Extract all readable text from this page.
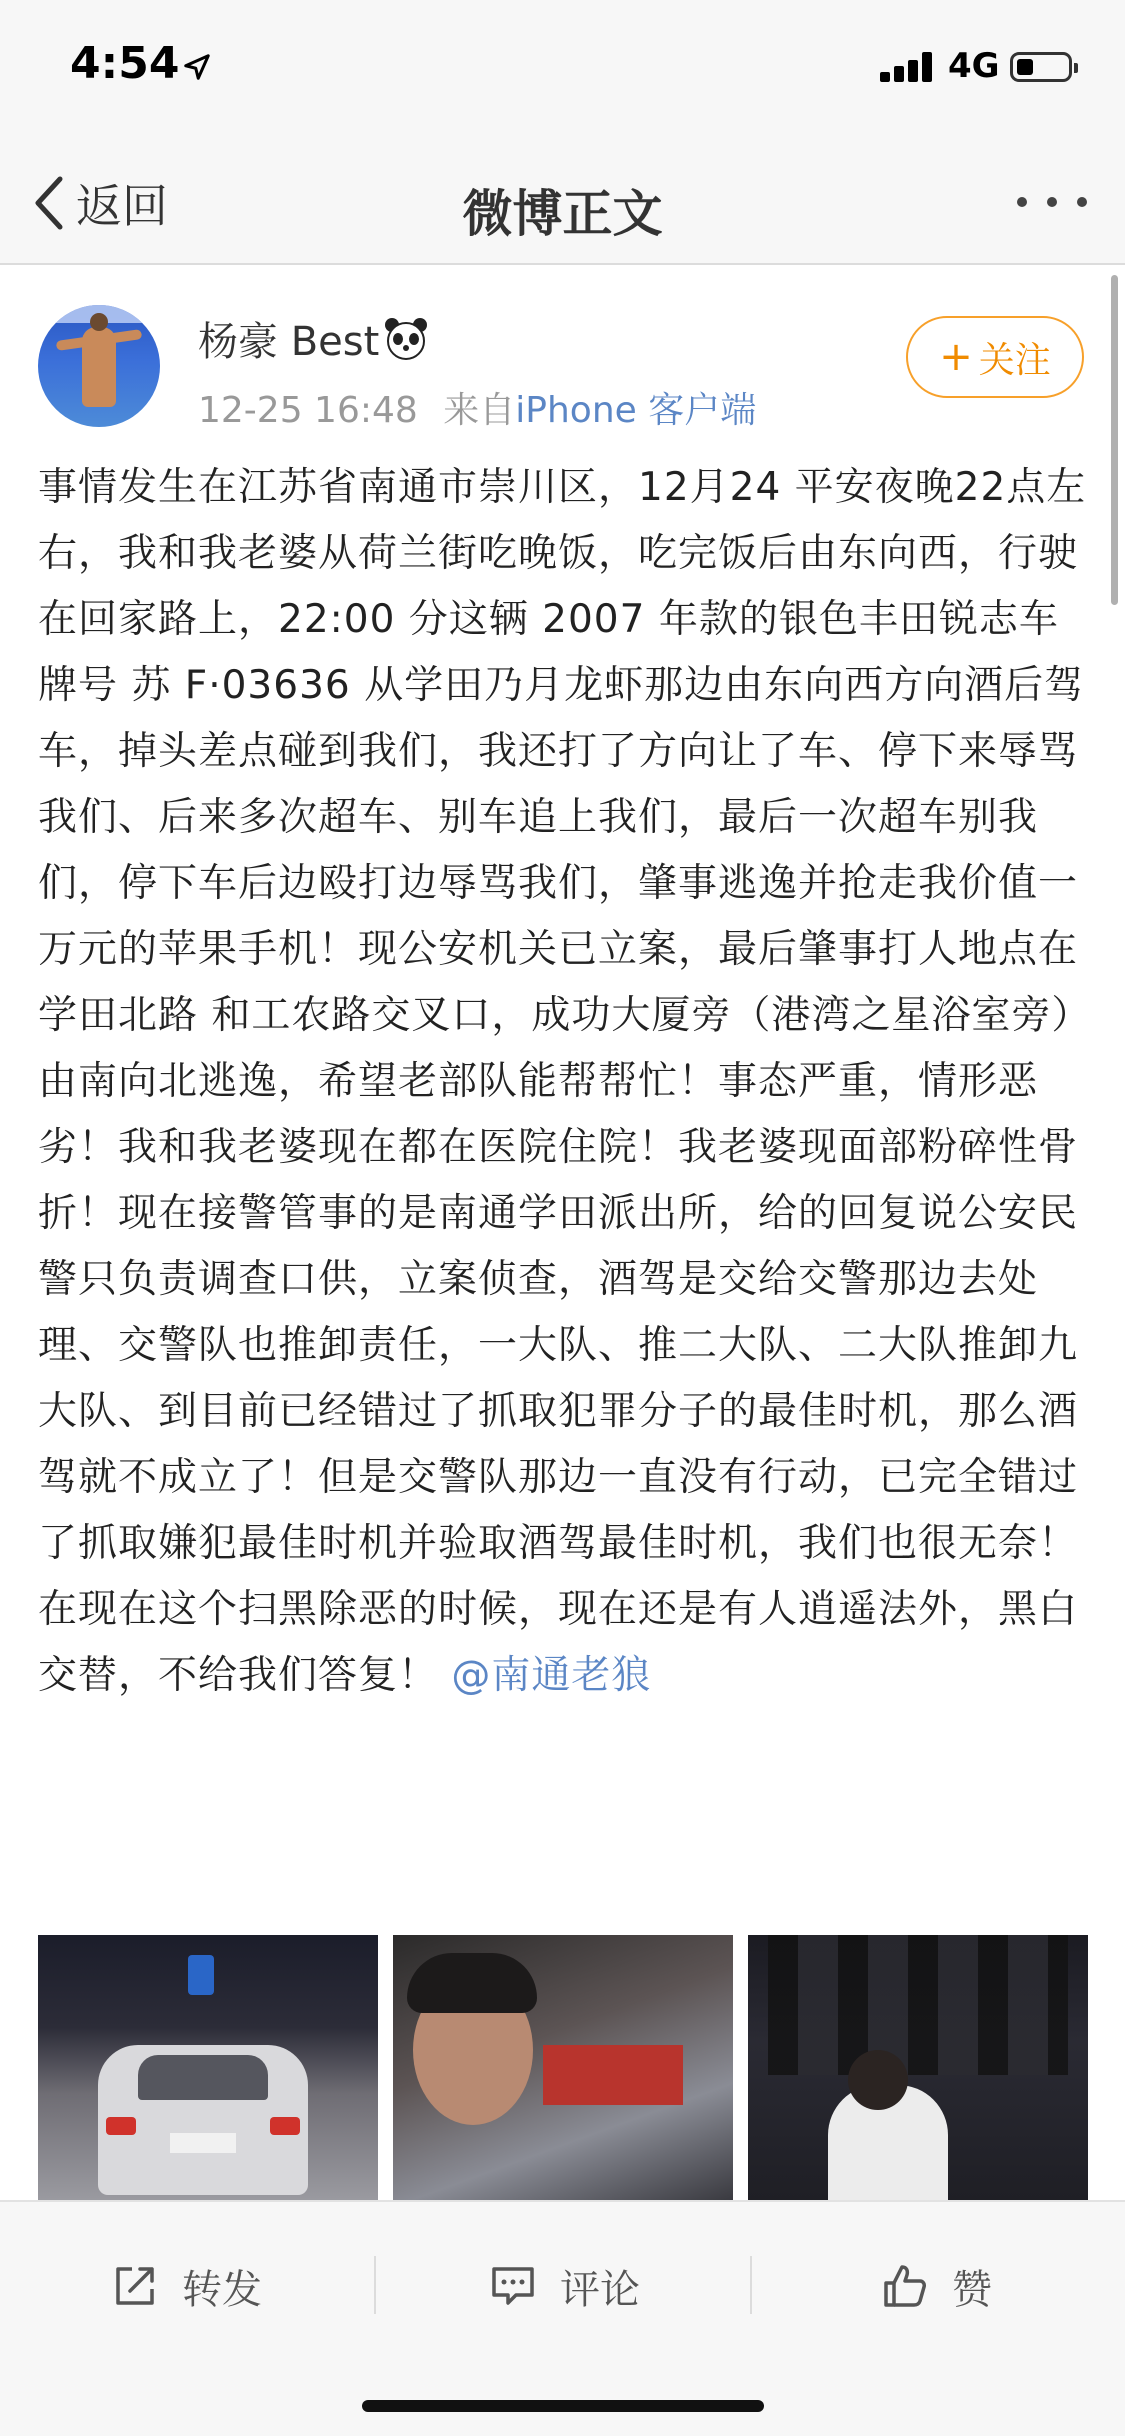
4:54	4G
返回	微博正文
杨豪 Best
12-25 16:48 来自iPhone 客户端
+ 关注
事情发生在江苏省南通市崇川区，12月24 平安夜晚22点左右，我和我老婆从荷兰街吃晚饭，吃完饭后由东向西，行驶在回家路上，22:00 分这辆 2007 年款的银色丰田锐志车牌号 苏 F·03636 从学田乃月龙虾那边由东向西方向酒后驾车，掉头差点碰到我们，我还打了方向让了车、停下来辱骂我们、后来多次超车、别车追上我们，最后一次超车别我们，停下车后边殴打边辱骂我们，肇事逃逸并抢走我价值一万元的苹果手机！现公安机关已立案，最后肇事打人地点在学田北路 和工农路交叉口，成功大厦旁（港湾之星浴室旁）由南向北逃逸，希望老部队能帮帮忙！事态严重，情形恶劣！我和我老婆现在都在医院住院！我老婆现面部粉碎性骨折！现在接警管事的是南通学田派出所，给的回复说公安民警只负责调查口供，立案侦查，酒驾是交给交警那边去处理、交警队也推卸责任，一大队、推二大队、二大队推卸九大队、到目前已经错过了抓取犯罪分子的最佳时机，那么酒驾就不成立了！但是交警队那边一直没有行动，已完全错过了抓取嫌犯最佳时机并验取酒驾最佳时机，我们也很无奈！在现在这个扫黑除恶的时候，现在还是有人逍遥法外，黑白交替，不给我们答复！ @南通老狼
转发	评论	赞
